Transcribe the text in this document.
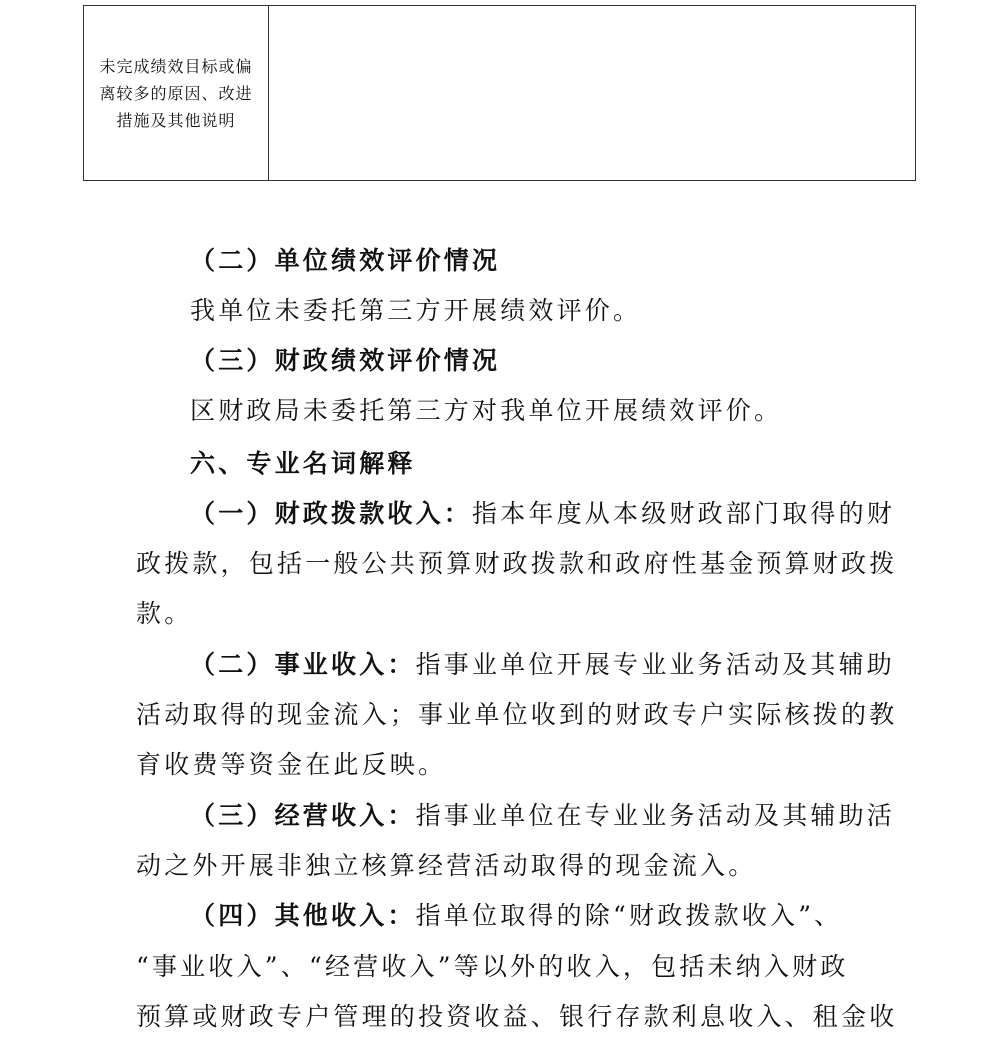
未完成绩效目标或偏
离较多的原因、改进
措施及其他说明
（二）单位绩效评价情况
我单位未委托第三方开展绩效评价。
（三）财政绩效评价情况
区财政局未委托第三方对我单位开展绩效评价。
六、专业名词解释
（一）财政拨款收入：指本年度从本级财政部门取得的财
政拨款，包括一般公共预算财政拨款和政府性基金预算财政拨
款。
（二）事业收入：指事业单位开展专业业务活动及其辅助
活动取得的现金流入；事业单位收到的财政专户实际核拨的教
育收费等资金在此反映。
（三）经营收入：指事业单位在专业业务活动及其辅助活
动之外开展非独立核算经营活动取得的现金流入。
（四）其他收入：指单位取得的除“财政拨款收入”、
“事业收入”、“经营收入”等以外的收入，包括未纳入财政
预算或财政专户管理的投资收益、银行存款利息收入、租金收
